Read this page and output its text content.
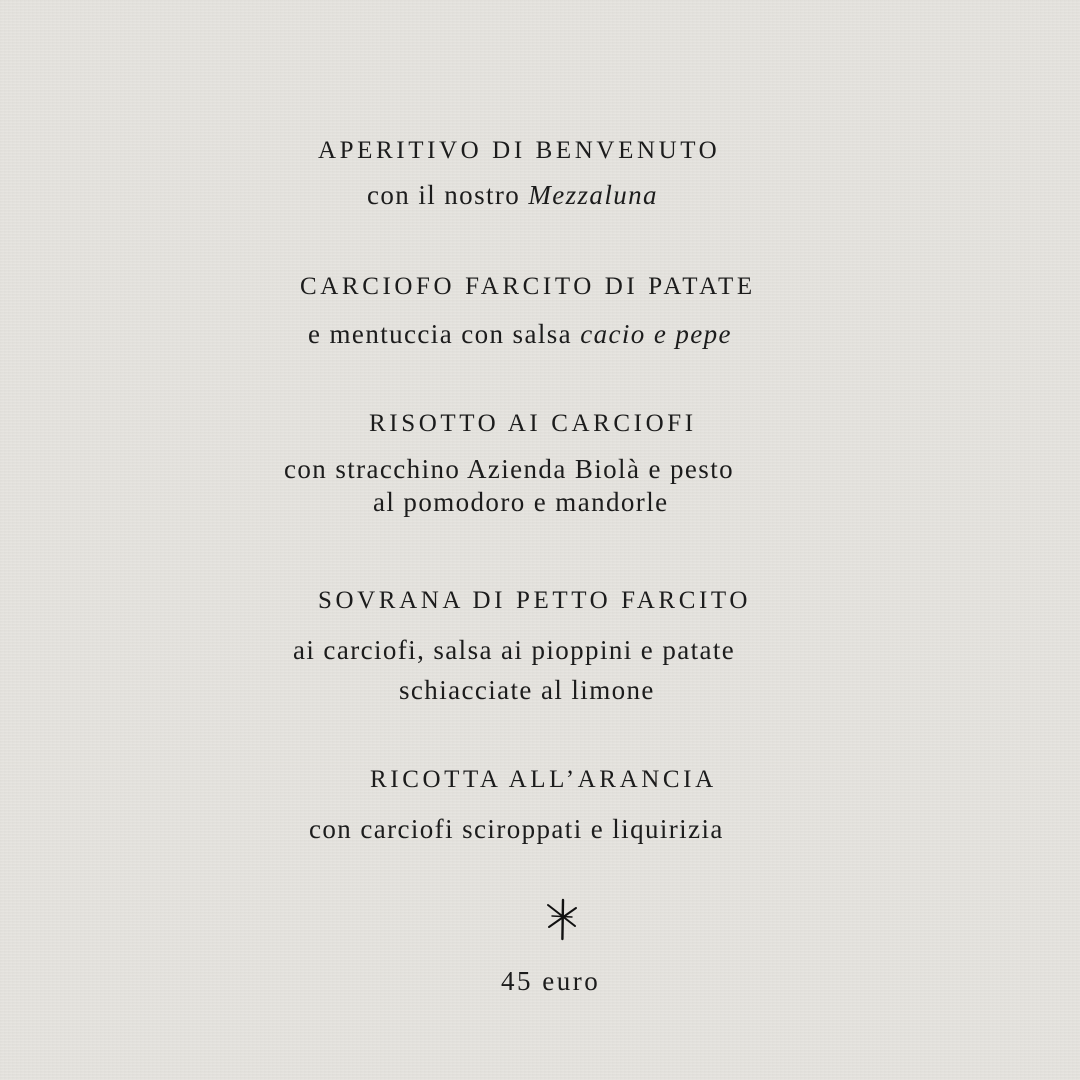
APERITIVO DI BENVENUTO
con il nostro Mezzaluna
CARCIOFO FARCITO DI PATATE
e mentuccia con salsa cacio e pepe
RISOTTO AI CARCIOFI
con stracchino Azienda Biolà e pesto
al pomodoro e mandorle
SOVRANA DI PETTO FARCITO
ai carciofi, salsa ai pioppini e patate
schiacciate al limone
RICOTTA ALL’ARANCIA
con carciofi sciroppati e liquirizia
45 euro
